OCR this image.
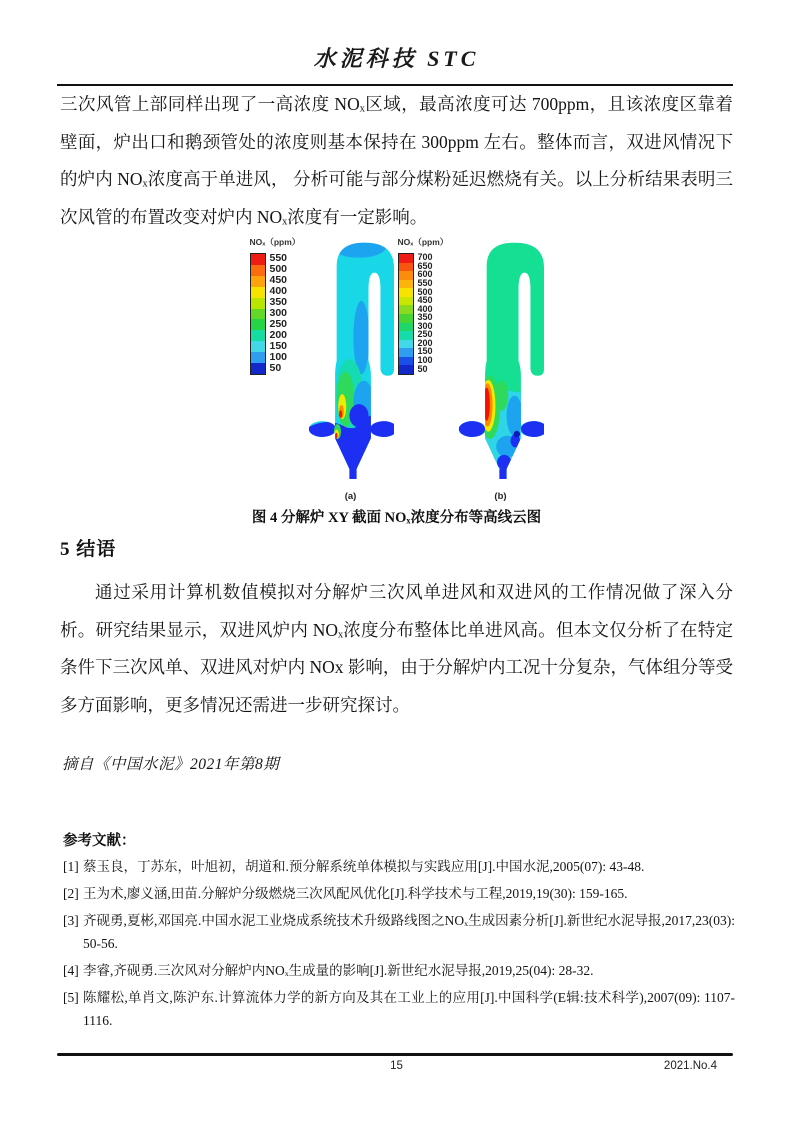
水泥科技 STC

三次风管上部同样出现了一高浓度 NOₓ区域，最高浓度可达 700ppm，且该浓度区靠着壁面，炉出口和鹅颈管处的浓度则基本保持在 300ppm 左右。整体而言，双进风情况下的炉内 NOₓ浓度高于单进风， 分析可能与部分煤粉延迟燃烧有关。以上分析结果表明三次风管的布置改变对炉内 NOₓ浓度有一定影响。

NOₓ（ppm）
550
500
450
400
350
300
250
200
150
100
50
(a)
NOₓ（ppm）
700
650
600
550
500
450
400
350
300
250
200
150
100
50
(b)
图 4 分解炉 XY 截面 NOₓ浓度分布等高线云图
5 结语

通过采用计算机数值模拟对分解炉三次风单进风和双进风的工作情况做了深入分析。研究结果显示，双进风炉内 NOₓ浓度分布整体比单进风高。但本文仅分析了在特定条件下三次风单、双进风对炉内 NOx 影响，由于分解炉内工况十分复杂，气体组分等受多方面影响，更多情况还需进一步研究探讨。

摘自《中国水泥》2021年第8期

参考文献：
[1] 蔡玉良，丁苏东，叶旭初，胡道和.预分解系统单体模拟与实践应用[J].中国水泥,2005(07): 43-48.
[2] 王为术,廖义涵,田苗.分解炉分级燃烧三次风配风优化[J].科学技术与工程,2019,19(30): 159-165.
[3] 齐砚勇,夏彬,邓国亮.中国水泥工业烧成系统技术升级路线图之NOₓ生成因素分析[J].新世纪水泥导报,2017,23(03): 50-56.
[4] 李睿,齐砚勇.三次风对分解炉内NOₓ生成量的影响[J].新世纪水泥导报,2019,25(04): 28-32.
[5] 陈耀松,单肖文,陈沪东.计算流体力学的新方向及其在工业上的应用[J].中国科学(E辑:技术科学),2007(09): 1107-1116.
15	2021.No.4
